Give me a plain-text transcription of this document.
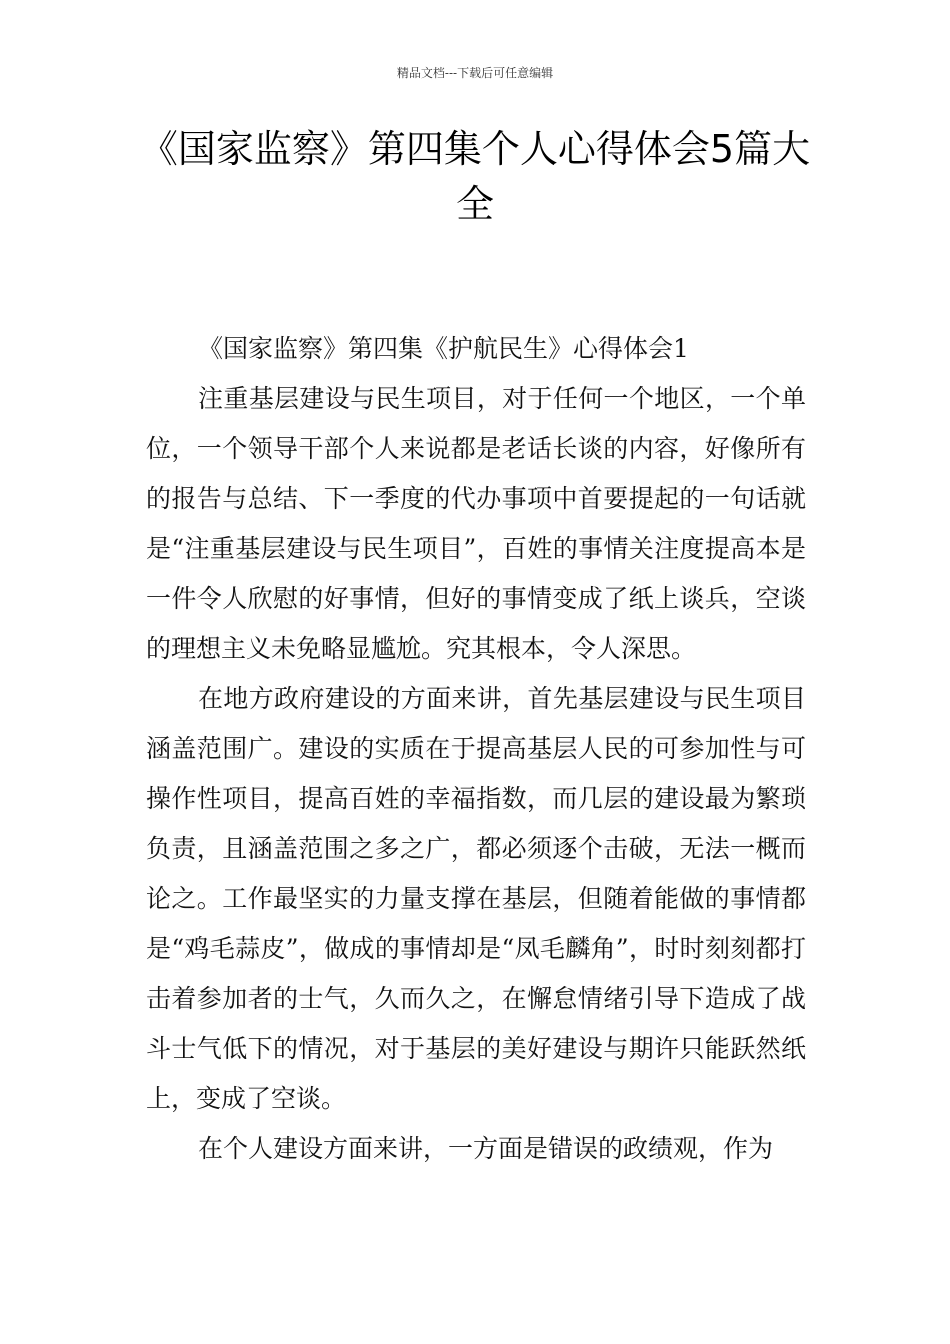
精品文档---下载后可任意编辑
《国家监察》第四集个人心得体会5篇大全

《国家监察》第四集《护航民生》心得体会1

注重基层建设与民生项目，对于任何一个地区，一个单位，一个领导干部个人来说都是老话长谈的内容，好像所有的报告与总结、下一季度的代办事项中首要提起的一句话就是“注重基层建设与民生项目”，百姓的事情关注度提高本是一件令人欣慰的好事情，但好的事情变成了纸上谈兵，空谈的理想主义未免略显尴尬。究其根本，令人深思。

在地方政府建设的方面来讲，首先基层建设与民生项目涵盖范围广。建设的实质在于提高基层人民的可参加性与可操作性项目，提高百姓的幸福指数，而几层的建设最为繁琐负责，且涵盖范围之多之广，都必须逐个击破，无法一概而论之。工作最坚实的力量支撑在基层，但随着能做的事情都是“鸡毛蒜皮”，做成的事情却是“凤毛麟角”，时时刻刻都打击着参加者的士气，久而久之，在懈怠情绪引导下造成了战斗士气低下的情况，对于基层的美好建设与期许只能跃然纸上，变成了空谈。

在个人建设方面来讲，一方面是错误的政绩观，作为
